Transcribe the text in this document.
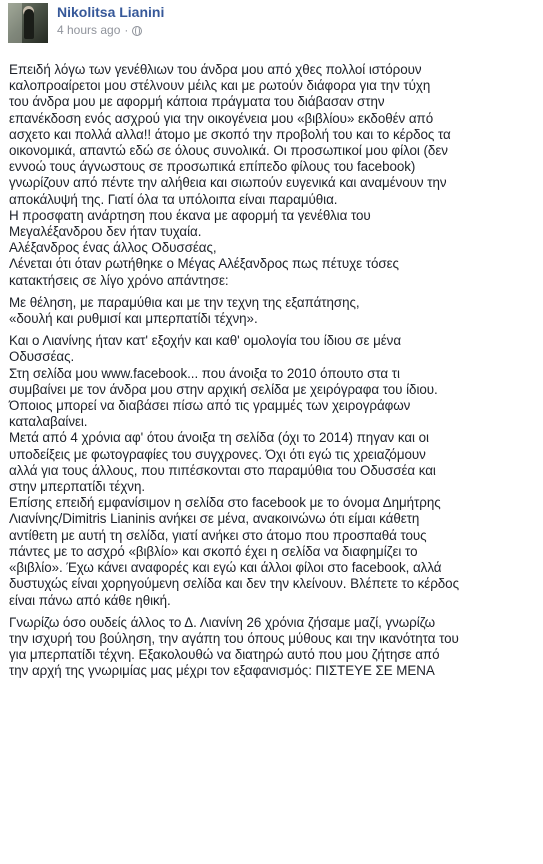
Nikolitsa Lianini
4 hours ago ·

Επειδή λόγω των γενέθλιων του άνδρα μου από χθες πολλοί ιστόρουν
καλοπροαίρετοι μου στέλνουν μέιλς και με ρωτούν διάφορα για την τύχη
του άνδρα μου με αφορμή κάποια πράγματα του διάβασαν στην
επανέκδοση ενός ασχρού για την οικογένεια μου «βιβλίου» εκδοθέν από
ασχετο και πολλά αλλα!! άτομο με σκοπό την προβολή του και το κέρδος τα
οικονομικά, απαντώ εδώ σε όλους συνολικά. Οι προσωπικοί μου φίλοι (δεν
εννοώ τους άγνωστους σε προσωπικά επίπεδο φίλους του facebook)
γνωρίζουν από πέντε την αλήθεια και σιωπούν ευγενικά και αναμένουν την
αποκάλυψή της. Γιατί όλα τα υπόλοιπα είναι παραμύθια.
Η προσφατη ανάρτηση που έκανα με αφορμή τα γενέθλια του
Μεγαλέξανδρου δεν ήταν τυχαία.
Αλέξανδρος ένας άλλος Οδυσσέας,
Λένεται ότι όταν ρωτήθηκε ο Μέγας Αλέξανδρος πως πέτυχε τόσες
κατακτήσεις σε λίγο χρόνο απάντησε:

Με θέληση, με παραμύθια και με την τεχνη της εξαπάτησης,
«δουλή και ρυθμισί και μπερπατίδι τέχνη».

Και ο Λιανίνης ήταν κατ' εξοχήν και καθ' ομολογία του ίδιου σε μένα
Οδυσσέας.
Στη σελίδα μου www.facebook... που άνοιξα το 2010 όπουτο στα τι
συμβαίνει με τον άνδρα μου στην αρχική σελίδα με χειρόγραφα του ίδιου.
Όποιος μπορεί να διαβάσει πίσω από τις γραμμές των χειρογράφων
καταλαβαίνει.
Μετά από 4 χρόνια αφ' ότου άνοιξα τη σελίδα (όχι το 2014) πηγαν και οι
υποδείξεις με φωτογραφίες του συγχρονες. Όχι ότι εγώ τις χρειαζόμουν
αλλά για τους άλλους, που πιπέσκονται στο παραμύθια του Οδυσσέα και
στην μπερπατίδι τέχνη.
Επίσης επειδή εμφανίσιμον η σελίδα στο facebook με το όνομα Δημήτρης
Λιανίνης/Dimitris Lianinis ανήκει σε μένα, ανακοινώνω ότι είμαι κάθετη
αντίθετη με αυτή τη σελίδα, γιατί ανήκει στο άτομο που προσπαθά τους
πάντες με το ασχρό «βιβλίο» και σκοπό έχει η σελίδα να διαφημίζει το
«βιβλίο». Έχω κάνει αναφορές και εγώ και άλλοι φίλοι στο facebook, αλλά
δυστυχώς είναι χορηγούμενη σελίδα και δεν την κλείνουν. Βλέπετε το κέρδος
είναι πάνω από κάθε ηθική.

Γνωρίζω όσο ουδείς άλλος το Δ. Λιανίνη 26 χρόνια ζήσαμε μαζί, γνωρίζω
την ισχυρή του βούληση, την αγάπη του όπους μύθους και την ικανότητα του
για μπερπατίδι τέχνη. Εξακολουθώ να διατηρώ αυτό που μου ζήτησε από
την αρχή της γνωριμίας μας μέχρι τον εξαφανισμός: ΠΙΣΤΕΥΕ ΣΕ ΜΕΝΑ
